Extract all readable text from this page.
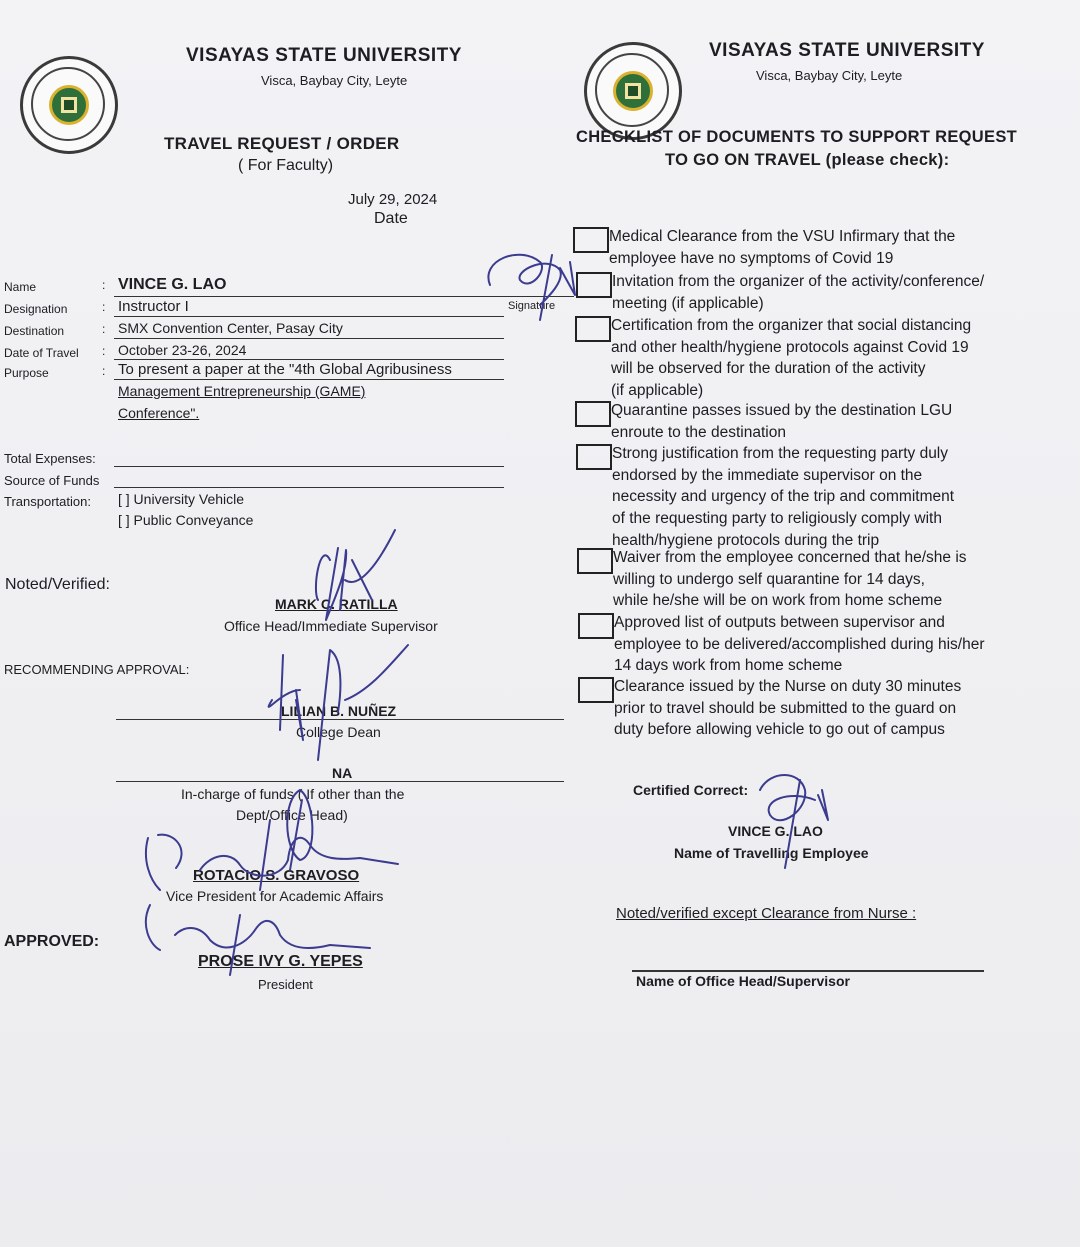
VISAYAS STATE UNIVERSITY
Visca, Baybay City, Leyte
TRAVEL REQUEST / ORDER
( For Faculty)
July 29, 2024
Date
Name	: VINCE G. LAO
Designation	: Instructor I	Signature
Destination	: SMX Convention Center, Pasay City
Date of Travel : October 23-26, 2024
Purpose	: To present a paper at the "4th Global Agribusiness
Management Entrepreneurship (GAME)
Conference".
Total Expenses:
Source of Funds
Transportation: [ ] University Vehicle
[ ] Public Conveyance
Noted/Verified:
MARK C. RATILLA
Office Head/Immediate Supervisor
RECOMMENDING APPROVAL:
LILIAN B. NUÑEZ
College Dean
NA
In-charge of funds ( If other than the
Dept/Office Head)
ROTACIO S. GRAVOSO
Vice President for Academic Affairs
APPROVED:
PROSE IVY G. YEPES
President
VISAYAS STATE UNIVERSITY
Visca, Baybay City, Leyte
CHECKLIST OF DOCUMENTS TO SUPPORT REQUEST
TO GO ON TRAVEL (please check):
Medical Clearance from the VSU Infirmary that the
employee have no symptoms of Covid 19
Invitation from the organizer of the activity/conference/
meeting (if applicable)
Certification from the organizer that social distancing
and other health/hygiene protocols against Covid 19
will be observed for the duration of the activity
(if applicable)
Quarantine passes issued by the destination LGU
enroute to the destination
Strong justification from the requesting party duly
endorsed by the immediate supervisor on the
necessity and urgency of the trip and commitment
of the requesting party to religiously comply with
health/hygiene protocols during the trip
Waiver from the employee concerned that he/she is
willing to undergo self quarantine for 14 days,
while he/she will be on work from home scheme
Approved list of outputs between supervisor and
employee to be delivered/accomplished during his/her
14 days work from home scheme
Clearance issued by the Nurse on duty 30 minutes
prior to travel should be submitted to the guard on
duty before allowing vehicle to go out of campus
Certified Correct:
VINCE G. LAO
Name of Travelling Employee
Noted/verified except Clearance from Nurse :
Name of Office Head/Supervisor
